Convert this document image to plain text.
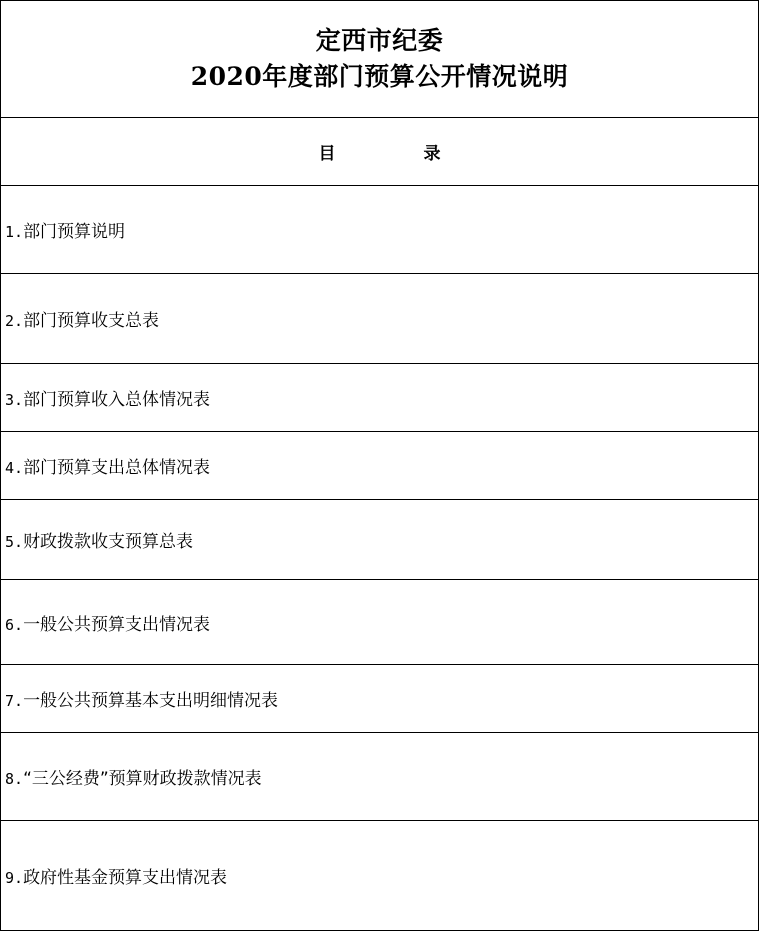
定西市纪委
2020年度部门预算公开情况说明

目	录
1.部门预算说明
2.部门预算收支总表
3.部门预算收入总体情况表
4.部门预算支出总体情况表
5.财政拨款收支预算总表
6.一般公共预算支出情况表
7.一般公共预算基本支出明细情况表
8.“三公经费”预算财政拨款情况表
9.政府性基金预算支出情况表
